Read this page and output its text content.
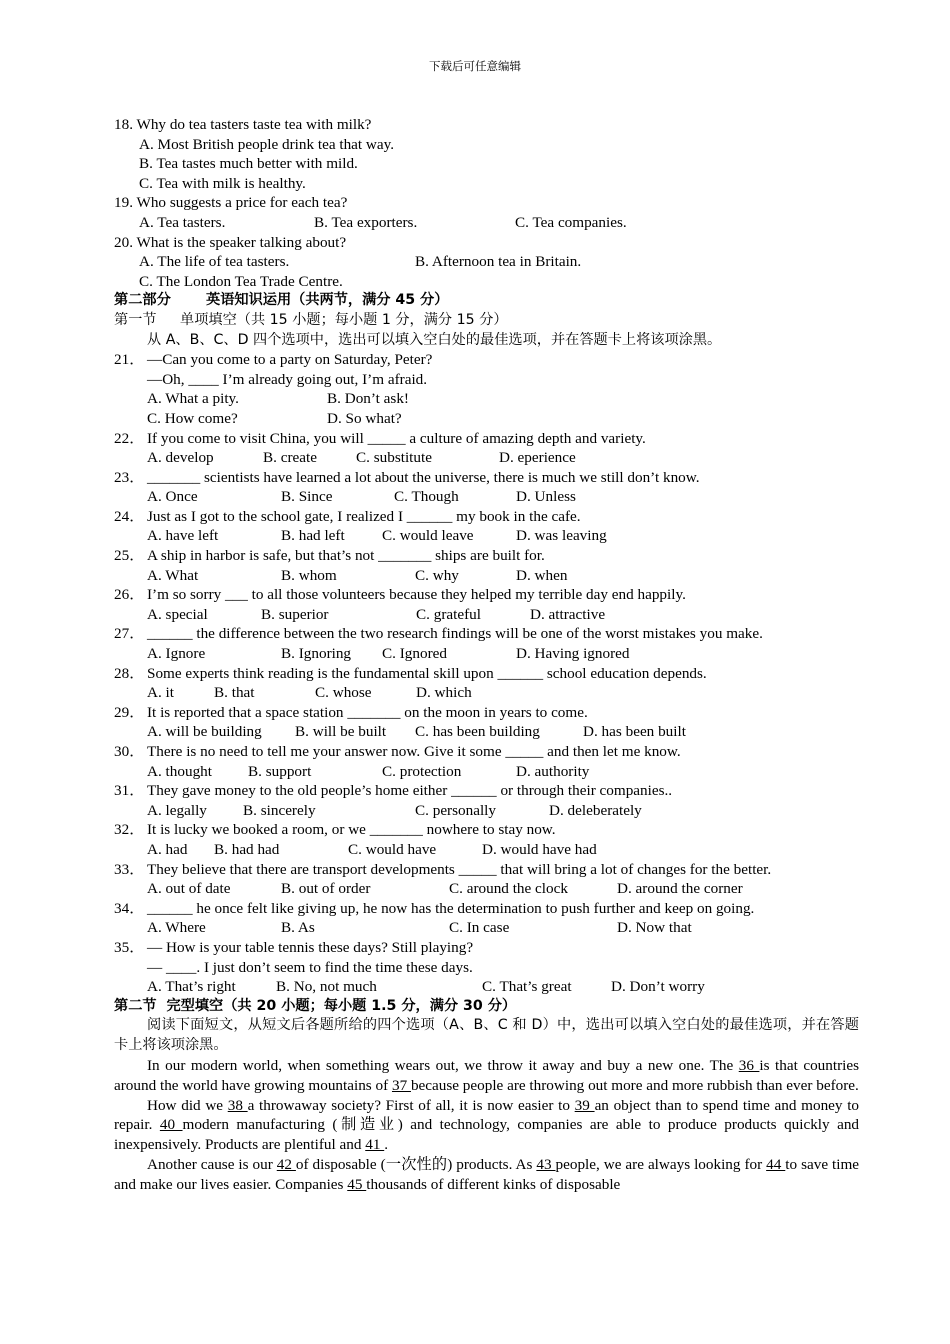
下载后可任意编辑
18. Why do tea tasters taste tea with milk?
A. Most British people drink tea that way.
B. Tea tastes much better with mild.
C. Tea with milk is healthy.
19. Who suggests a price for each tea?
A. Tea tasters.	B. Tea exporters.	C. Tea companies.
20. What is the speaker talking about?
A. The life of tea tasters.	B. Afternoon tea in Britain.
C. The London Tea Trade Centre.
第二部分	英语知识运用（共两节，满分 45 分）
第一节	单项填空（共 15 小题；每小题 1 分，满分 15 分）
从 A、B、C、D 四个选项中，选出可以填入空白处的最佳选项，并在答题卡上将该项涂黑。
21． —Can you come to a party on Saturday, Peter?
—Oh, ____ I’m already going out, I’m afraid.
A. What a pity.	B. Don’t ask!
C. How come?	D. So what?
22． If you come to visit China, you will _____ a culture of amazing depth and variety.
A. develop	B. create	C. substitute	D. eperience
23． _______ scientists have learned a lot about the universe, there is much we still don’t know.
A. Once	B. Since	C. Though	D. Unless
24． Just as I got to the school gate, I realized I ______ my book in the cafe.
A. have left	B. had left	C. would leave	D. was leaving
25． A ship in harbor is safe, but that’s not _______ ships are built for.
A. What	B. whom	C. why	D. when
26． I’m so sorry ___ to all those volunteers because they helped my terrible day end happily.
A. special	B. superior	C. grateful	D. attractive
27． ______ the difference between the two research findings will be one of the worst mistakes you make.
A. Ignore	B. Ignoring	C. Ignored	D. Having ignored
28． Some experts think reading is the fundamental skill upon ______ school education depends.
A. it	B. that	C. whose	D. which
29． It is reported that a space station _______ on the moon in years to come.
A. will be building	B. will be built	C. has been building	D. has been built
30． There is no need to tell me your answer now. Give it some _____ and then let me know.
A. thought	B. support	C. protection	D. authority
31． They gave money to the old people’s home either ______ or through their companies..
A. legally	B. sincerely	C. personally	D. deleberately
32． It is lucky we booked a room, or we _______ nowhere to stay now.
A. had	B. had had	C. would have	D. would have had
33． They believe that there are transport developments _____ that will bring a lot of changes for the better.
A. out of date	B. out of order	C. around the clock	D. around the corner
34． ______ he once felt like giving up, he now has the determination to push further and keep on going.
A. Where	B. As	C. In case	D. Now that
35． — How is your table tennis these days? Still playing?
— ____. I just don’t seem to find the time these days.
A. That’s right	B. No, not much	C. That’s great	D. Don’t worry
第二节  完型填空（共 20 小题；每小题 1.5 分，满分 30 分）
阅读下面短文，从短文后各题所给的四个选项（A、B、C 和 D）中，选出可以填入空白处的最佳选项，并在答题卡上将该项涂黑。
In our modern world, when something wears out, we throw it away and buy a new one. The 36 is that countries around the world have growing mountains of 37 because people are throwing out more and more rubbish than ever before.
How did we 38 a throwaway society? First of all, it is now easier to 39 an object than to spend time and money to repair. 40 modern manufacturing (制造业) and technology, companies are able to produce products quickly and inexpensively. Products are plentiful and 41 .
Another cause is our 42 of disposable (一次性的) products. As 43 people, we are always looking for 44 to save time and make our lives easier. Companies 45 thousands of different kinks of disposable
